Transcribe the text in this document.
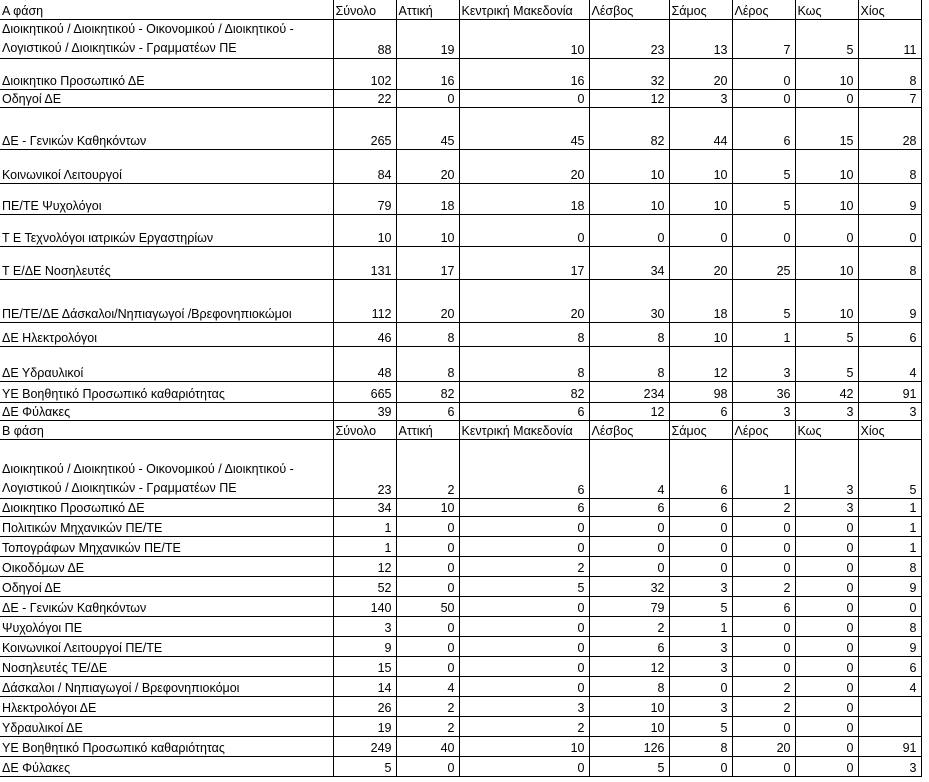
Α φάση	Σύνολο	Αττική	Κεντρική Μακεδονία	Λέσβος	Σάμος	Λέρος	Κως	Χίος
Διοικητικού / Διοικητικού - Οικονομικού / Διοικητικού - Λογιστικού / Διοικητικών - Γραμματέων ΠΕ	88	19	10	23	13	7	5	11
Διοικητικο Προσωπικό ΔΕ	102	16	16	32	20	0	10	8
Οδηγοί ΔΕ	22	0	0	12	3	0	0	7
ΔΕ - Γενικών Καθηκόντων	265	45	45	82	44	6	15	28
Κοινωνικοί Λειτουργοί	84	20	20	10	10	5	10	8
ΠΕ/ΤΕ Ψυχολόγοι	79	18	18	10	10	5	10	9
Τ Ε Τεχνολόγοι ιατρικών Εργαστηρίων	10	10	0	0	0	0	0	0
Τ Ε/ΔΕ Νοσηλευτές	131	17	17	34	20	25	10	8
ΠΕ/ΤΕ/ΔΕ Δάσκαλοι/Νηπιαγωγοί /Βρεφονηπιοκώμοι	112	20	20	30	18	5	10	9
ΔΕ Ηλεκτρολόγοι	46	8	8	8	10	1	5	6
ΔΕ Υδραυλικοί	48	8	8	8	12	3	5	4
ΥΕ Βοηθητικό Προσωπικό καθαριότητας	665	82	82	234	98	36	42	91
ΔΕ Φύλακες	39	6	6	12	6	3	3	3
Β φάση	Σύνολο	Αττική	Κεντρική Μακεδονία	Λέσβος	Σάμος	Λέρος	Κως	Χίος
Διοικητικού / Διοικητικού - Οικονομικού / Διοικητικού - Λογιστικού / Διοικητικών - Γραμματέων ΠΕ	23	2	6	4	6	1	3	5
Διοικητικο Προσωπικό ΔΕ	34	10	6	6	6	2	3	1
Πολιτικών Μηχανικών ΠΕ/ΤΕ	1	0	0	0	0	0	0	1
Τοπογράφων Μηχανικών ΠΕ/ΤΕ	1	0	0	0	0	0	0	1
Οικοδόμων ΔΕ	12	0	2	0	0	0	0	8
Οδηγοί ΔΕ	52	0	5	32	3	2	0	9
ΔΕ - Γενικών Καθηκόντων	140	50	0	79	5	6	0	0
Ψυχολόγοι ΠΕ	3	0	0	2	1	0	0	8
Κοινωνικοί Λειτουργοί ΠΕ/ΤΕ	9	0	0	6	3	0	0	9
Νοσηλευτές ΤΕ/ΔΕ	15	0	0	12	3	0	0	6
Δάσκαλοι / Νηπιαγωγοί / Βρεφονηπιοκόμοι	14	4	0	8	0	2	0	4
Ηλεκτρολόγοι ΔΕ	26	2	3	10	3	2	0	
Υδραυλικοί ΔΕ	19	2	2	10	5	0	0	
ΥΕ Βοηθητικό Προσωπικό καθαριότητας	249	40	10	126	8	20	0	91
ΔΕ Φύλακες	5	0	0	5	0	0	0	3
